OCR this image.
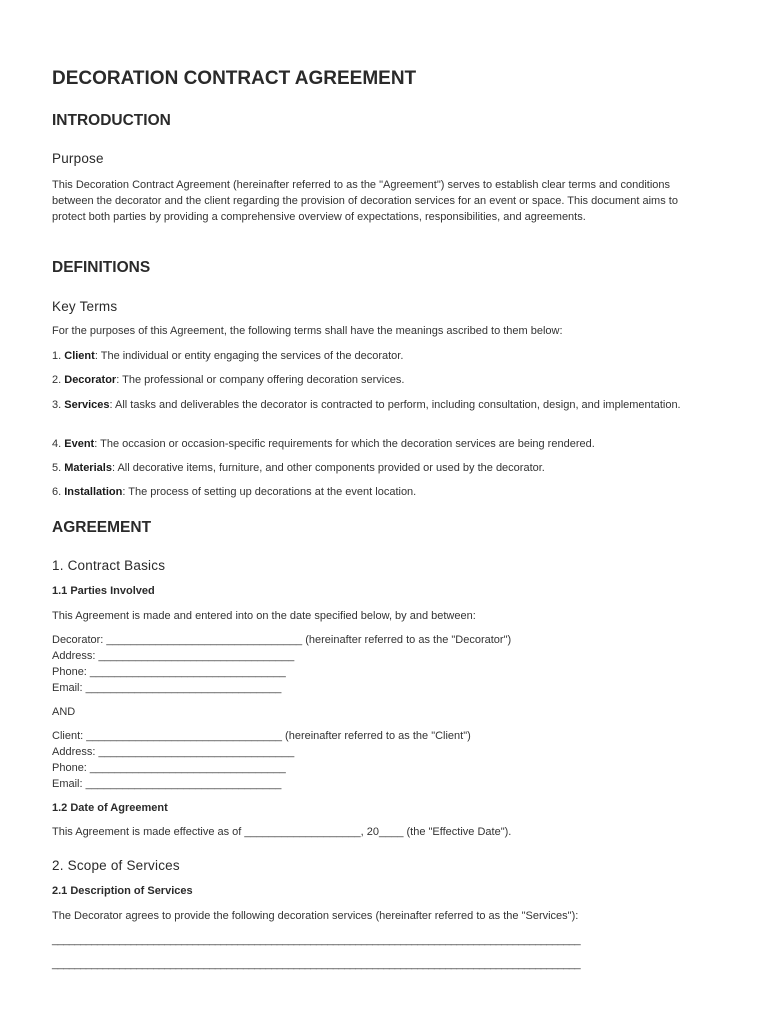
DECORATION CONTRACT AGREEMENT
INTRODUCTION
Purpose
This Decoration Contract Agreement (hereinafter referred to as the "Agreement") serves to establish clear terms and conditions between the decorator and the client regarding the provision of decoration services for an event or space. This document aims to protect both parties by providing a comprehensive overview of expectations, responsibilities, and agreements.
DEFINITIONS
Key Terms
For the purposes of this Agreement, the following terms shall have the meanings ascribed to them below:
1. Client: The individual or entity engaging the services of the decorator.
2. Decorator: The professional or company offering decoration services.
3. Services: All tasks and deliverables the decorator is contracted to perform, including consultation, design, and implementation.
4. Event: The occasion or occasion-specific requirements for which the decoration services are being rendered.
5. Materials: All decorative items, furniture, and other components provided or used by the decorator.
6. Installation: The process of setting up decorations at the event location.
AGREEMENT
1. Contract Basics
1.1 Parties Involved
This Agreement is made and entered into on the date specified below, by and between:
Decorator: ________________________________ (hereinafter referred to as the "Decorator")
Address: ________________________________
Phone: ________________________________
Email: ________________________________
AND
Client: ________________________________ (hereinafter referred to as the "Client")
Address: ________________________________
Phone: ________________________________
Email: ________________________________
1.2 Date of Agreement
This Agreement is made effective as of ___________________, 20____ (the "Effective Date").
2. Scope of Services
2.1 Description of Services
The Decorator agrees to provide the following decoration services (hereinafter referred to as the "Services"):
______________________________________________________________________________________________
______________________________________________________________________________________________
